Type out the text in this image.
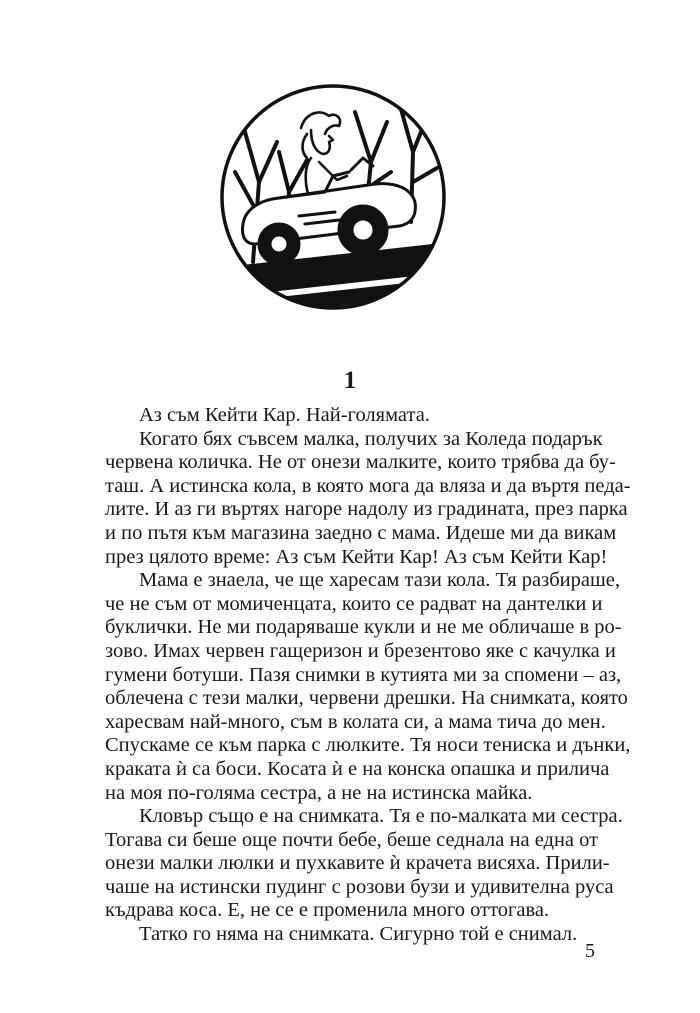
1

Аз съм Кейти Кар. Най-голямата.

Когато бях съвсем малка, получих за Коледа подарък
червена количка. Не от онези малките, които трябва да бу-
таш. А истинска кола, в която мога да вляза и да въртя педа-
лите. И аз ги въртях нагоре надолу из градината, през парка
и по пътя към магазина заедно с мама. Идеше ми да викам
през цялото време: Аз съм Кейти Кар! Аз съм Кейти Кар!

Мама е знаела, че ще харесам тази кола. Тя разбираше,
че не съм от момиченцата, които се радват на дантелки и
буклички. Не ми подаряваше кукли и не ме обличаше в ро-
зово. Имах червен гащеризон и брезентово яке с качулка и
гумени ботуши. Пазя снимки в кутията ми за спомени – аз,
облечена с тези малки, червени дрешки. На снимката, която
харесвам най-много, съм в колата си, а мама тича до мен.
Спускаме се към парка с люлките. Тя носи тениска и дънки,
краката ѝ са боси. Косата ѝ е на конска опашка и прилича
на моя по-голяма сестра, а не на истинска майка.

Кловър също е на снимката. Тя е по-малката ми сестра.
Тогава си беше още почти бебе, беше седнала на една от
онези малки люлки и пухкавите ѝ крачета висяха. Прили-
чаше на истински пудинг с розови бузи и удивителна руса
къдрава коса. Е, не се е променила много оттогава.

Татко го няма на снимката. Сигурно той е снимал.

5
